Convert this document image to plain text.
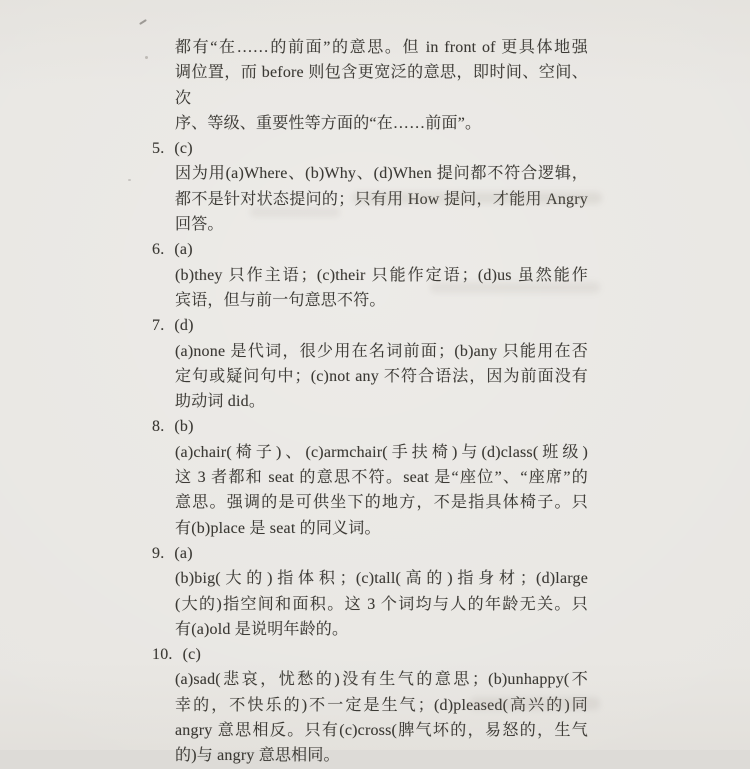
都有“在……的前面”的意思。但 in front of 更具体地强
调位置，而 before 则包含更宽泛的意思，即时间、空间、次
序、等级、重要性等方面的“在……前面”。
5. (c)
因为用(a)Where、(b)Why、(d)When 提问都不符合逻辑，
都不是针对状态提问的；只有用 How 提问，才能用 Angry
回答。
6. (a)
(b)they 只作主语；(c)their 只能作定语；(d)us 虽然能作
宾语，但与前一句意思不符。
7. (d)
(a)none 是代词，很少用在名词前面；(b)any 只能用在否
定句或疑问句中；(c)not any 不符合语法，因为前面没有
助动词 did。
8. (b)
(a)chair(椅子)、(c)armchair(手扶椅)与(d)class(班级)
这 3 者都和 seat 的意思不符。seat 是“座位”、“座席”的
意思。强调的是可供坐下的地方，不是指具体椅子。只
有(b)place 是 seat 的同义词。
9. (a)
(b)big(大的)指体积；(c)tall(高的)指身材；(d)large
(大的)指空间和面积。这 3 个词均与人的年龄无关。只
有(a)old 是说明年龄的。
10. (c)
(a)sad(悲哀，忧愁的)没有生气的意思；(b)unhappy(不
幸的，不快乐的)不一定是生气；(d)pleased(高兴的)同
angry 意思相反。只有(c)cross(脾气坏的，易怒的，生气
的)与 angry 意思相同。
